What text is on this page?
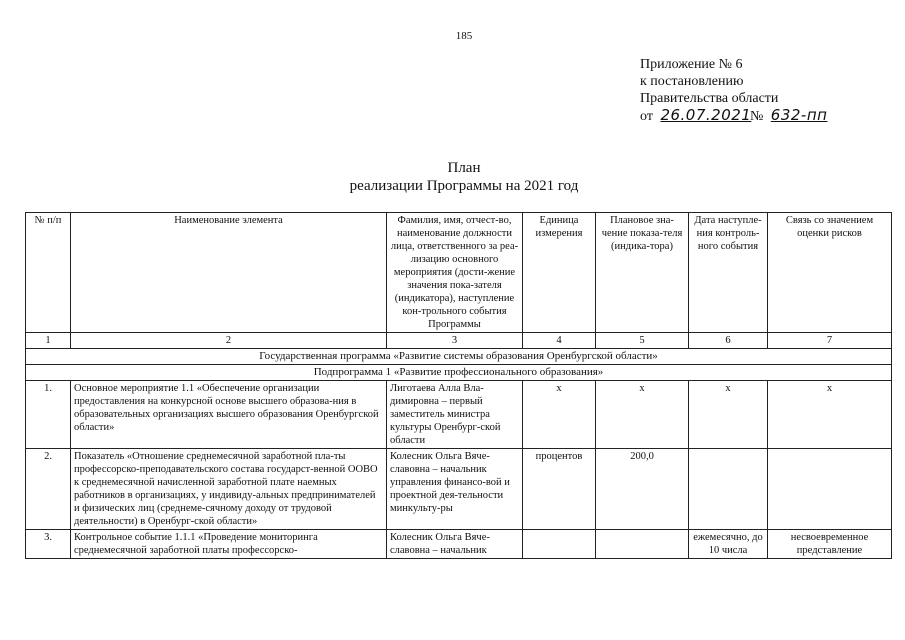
185
Приложение № 6
к постановлению
Правительства области
от 26.07.2021 № 632-пп
План
реализации Программы на 2021 год
№ п/п	Наименование элемента	Фамилия, имя, отчест-во, наименование должности лица, ответственного за реа-лизацию основного мероприятия (дости-жение значения пока-зателя (индикатора), наступление кон-трольного события Программы	Единица измерения	Плановое зна-чение показа-теля (индика-тора)	Дата наступле-ния контроль-ного события	Связь со значением оценки рисков
1	2	3	4	5	6	7
Государственная программа «Развитие системы образования Оренбургской области»						
Подпрограмма 1 «Развитие профессионального образования»						
1.	Основное мероприятие 1.1 «Обеспечение организации предоставления на конкурсной основе высшего образова-ния в образовательных организациях высшего образования Оренбургской области»	Лиготаева Алла Вла-димировна – первый заместитель министра культуры Оренбург-ской области	x	x	x	x
2.	Показатель «Отношение среднемесячной заработной пла-ты профессорско-преподавательского состава государст-венной ООВО к среднемесячной начисленной заработной плате наемных работников в организациях, у индивиду-альных предпринимателей и физических лиц (среднеме-сячному доходу от трудовой деятельности) в Оренбург-ской области»	Колесник Ольга Вяче-славовна – начальник управления финансо-вой и проектной дея-тельности минкульту-ры	процентов	200,0		
3.	Контрольное событие 1.1.1 «Проведение мониторинга среднемесячной заработной платы профессорско-	Колесник Ольга Вяче-славовна – начальник			ежемесячно, до 10 числа	несвоевременное представление
